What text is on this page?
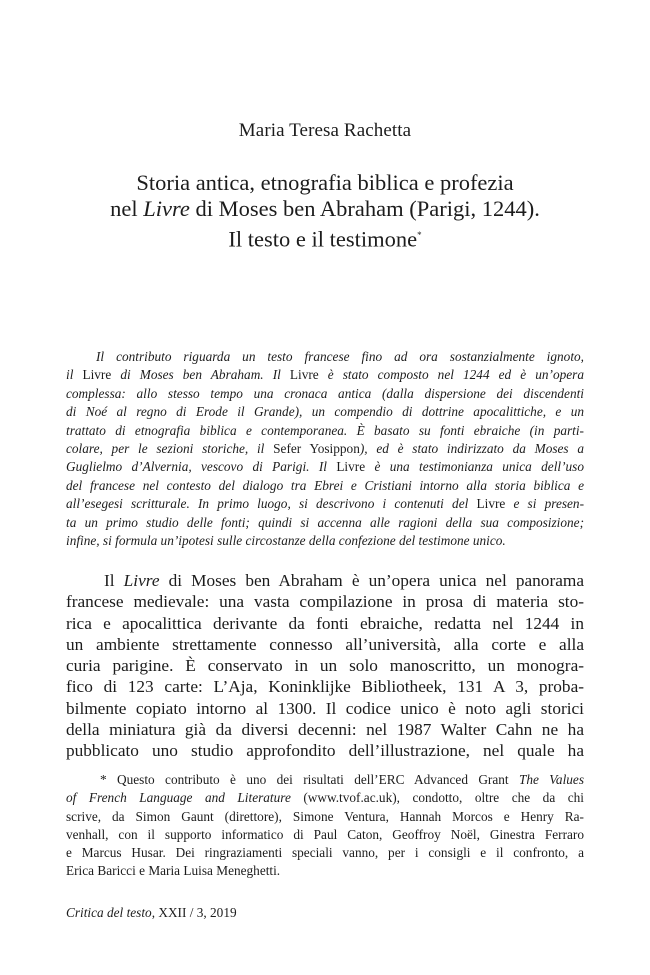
Maria Teresa Rachetta
Storia antica, etnografia biblica e profezia
nel Livre di Moses ben Abraham (Parigi, 1244).
Il testo e il testimone*
Il contributo riguarda un testo francese fino ad ora sostanzialmente ignoto,
il Livre di Moses ben Abraham. Il Livre è stato composto nel 1244 ed è un’opera
complessa: allo stesso tempo una cronaca antica (dalla dispersione dei discendenti
di Noé al regno di Erode il Grande), un compendio di dottrine apocalittiche, e un
trattato di etnografia biblica e contemporanea. È basato su fonti ebraiche (in parti-
colare, per le sezioni storiche, il Sefer Yosippon), ed è stato indirizzato da Moses a
Guglielmo d’Alvernia, vescovo di Parigi. Il Livre è una testimonianza unica dell’uso
del francese nel contesto del dialogo tra Ebrei e Cristiani intorno alla storia biblica e
all’esegesi scritturale. In primo luogo, si descrivono i contenuti del Livre e si presen-
ta un primo studio delle fonti; quindi si accenna alle ragioni della sua composizione;
infine, si formula un’ipotesi sulle circostanze della confezione del testimone unico.
Il Livre di Moses ben Abraham è un’opera unica nel panorama
francese medievale: una vasta compilazione in prosa di materia sto-
rica e apocalittica derivante da fonti ebraiche, redatta nel 1244 in
un ambiente strettamente connesso all’università, alla corte e alla
curia parigine. È conservato in un solo manoscritto, un monogra-
fico di 123 carte: L’Aja, Koninklijke Bibliotheek, 131 A 3, proba-
bilmente copiato intorno al 1300. Il codice unico è noto agli storici
della miniatura già da diversi decenni: nel 1987 Walter Cahn ne ha
pubblicato uno studio approfondito dell’illustrazione, nel quale ha
* Questo contributo è uno dei risultati dell’ERC Advanced Grant The Values
of French Language and Literature (www.tvof.ac.uk), condotto, oltre che da chi
scrive, da Simon Gaunt (direttore), Simone Ventura, Hannah Morcos e Henry Ra-
venhall, con il supporto informatico di Paul Caton, Geoffroy Noël, Ginestra Ferraro
e Marcus Husar. Dei ringraziamenti speciali vanno, per i consigli e il confronto, a
Erica Baricci e Maria Luisa Meneghetti.
Critica del testo, XXII / 3, 2019
